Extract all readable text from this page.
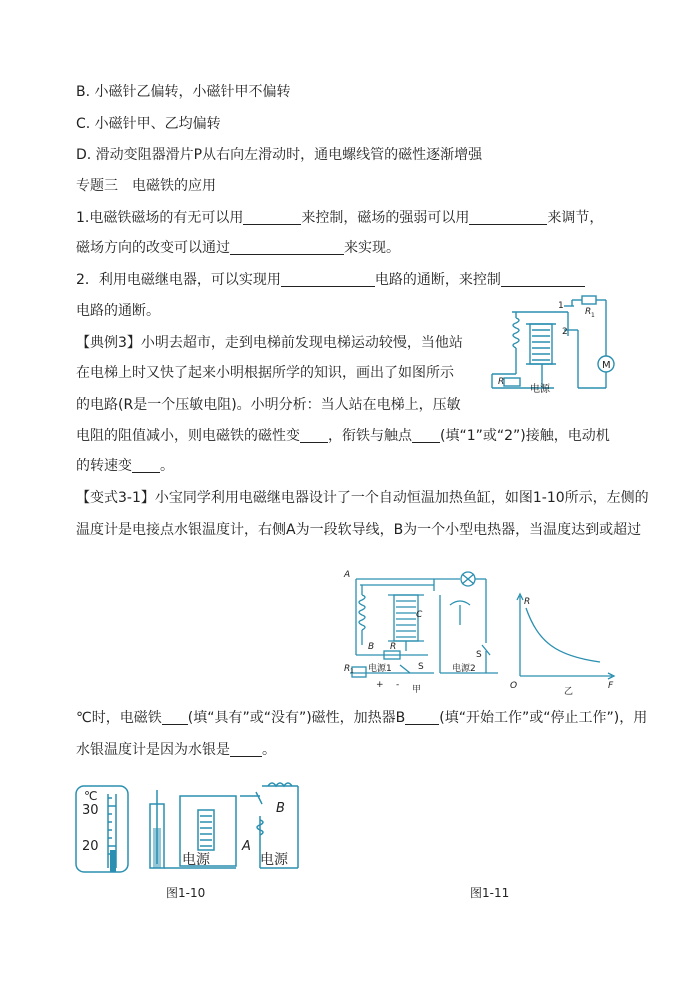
B. 小磁针乙偏转，小磁针甲不偏转
C. 小磁针甲、乙均偏转
D. 滑动变阻器滑片P从右向左滑动时，通电螺线管的磁性逐渐增强
专题三　电磁铁的应用
1.电磁铁磁场的有无可以用	来控制，磁场的强弱可以用	来调节，
磁场方向的改变可以通过	来实现。
2．利用电磁继电器，可以实现用	电路的通断，来控制
电路的通断。
【典例3】小明去超市，走到电梯前发现电梯运动较慢，当他站
在电梯上时又快了起来小明根据所学的知识，画出了如图所示
的电路(R是一个压敏电阻)。小明分析：当人站在电梯上，压敏
电阻的阻值减小，则电磁铁的磁性变 ，衔铁与触点 (填“1”或“2”)接触，电动机
的转速变 。
【变式3-1】小宝同学利用电磁继电器设计了一个自动恒温加热鱼缸，如图1-10所示，左侧的
温度计是电接点水银温度计，右侧A为一段软导线，B为一个小型电热器，当温度达到或超过
℃时，电磁铁 (填“具有”或“没有”)磁性，加热器B (填“开始工作”或“停止工作”)，用
水银温度计是因为水银是 。
1
2
R 1
M
R
电源
A
C
B R
R 1	S
S
电源1	电源2
+ - 甲
R
F
O
乙
℃
30
20
电源	电源
A
B
图1-10	图1-11
